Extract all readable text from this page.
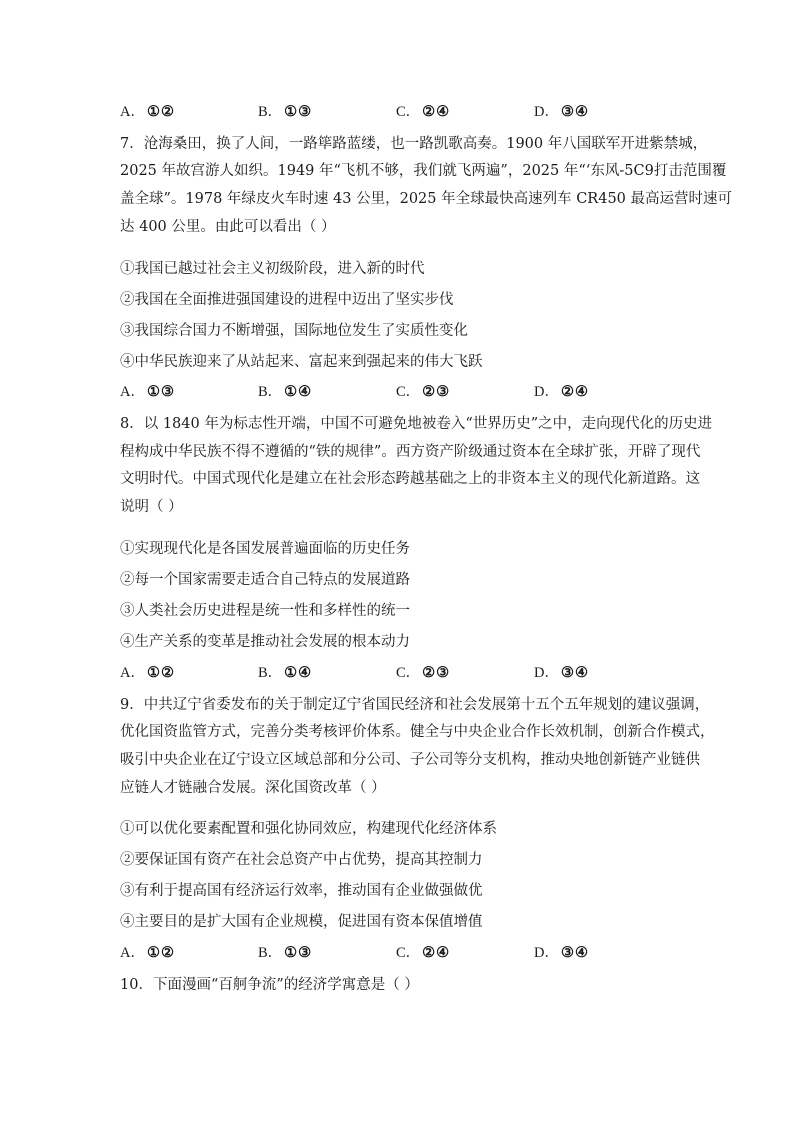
A． ①②	B． ①③	C． ②④	D． ③④
7．沧海桑田，换了人间，一路筚路蓝缕，也一路凯歌高奏。1900 年八国联军开进紫禁城，
2025 年故宫游人如织。1949 年“飞机不够，我们就飞两遍”，2025 年“‘东风-5C9打击范围覆
盖全球”。1978 年绿皮火车时速 43 公里，2025 年全球最快高速列车 CR450 最高运营时速可
达 400 公里。由此可以看出（ ）
①我国已越过社会主义初级阶段，进入新的时代
②我国在全面推进强国建设的进程中迈出了坚实步伐
③我国综合国力不断增强，国际地位发生了实质性变化
④中华民族迎来了从站起来、富起来到强起来的伟大飞跃
A． ①③	B． ①④	C． ②③	D． ②④
8．以 1840 年为标志性开端，中国不可避免地被卷入“世界历史”之中，走向现代化的历史进
程构成中华民族不得不遵循的“铁的规律”。西方资产阶级通过资本在全球扩张，开辟了现代
文明时代。中国式现代化是建立在社会形态跨越基础之上的非资本主义的现代化新道路。这
说明（ ）
①实现现代化是各国发展普遍面临的历史任务
②每一个国家需要走适合自己特点的发展道路
③人类社会历史进程是统一性和多样性的统一
④生产关系的变革是推动社会发展的根本动力
A． ①②	B． ①④	C． ②③	D． ③④
9．中共辽宁省委发布的关于制定辽宁省国民经济和社会发展第十五个五年规划的建议强调，
优化国资监管方式，完善分类考核评价体系。健全与中央企业合作长效机制，创新合作模式，
吸引中央企业在辽宁设立区域总部和分公司、子公司等分支机构，推动央地创新链产业链供
应链人才链融合发展。深化国资改革（ ）
①可以优化要素配置和强化协同效应，构建现代化经济体系
②要保证国有资产在社会总资产中占优势，提高其控制力
③有利于提高国有经济运行效率，推动国有企业做强做优
④主要目的是扩大国有企业规模，促进国有资本保值增值
A． ①②	B． ①③	C． ②④	D． ③④
10．下面漫画“百舸争流”的经济学寓意是（ ）
